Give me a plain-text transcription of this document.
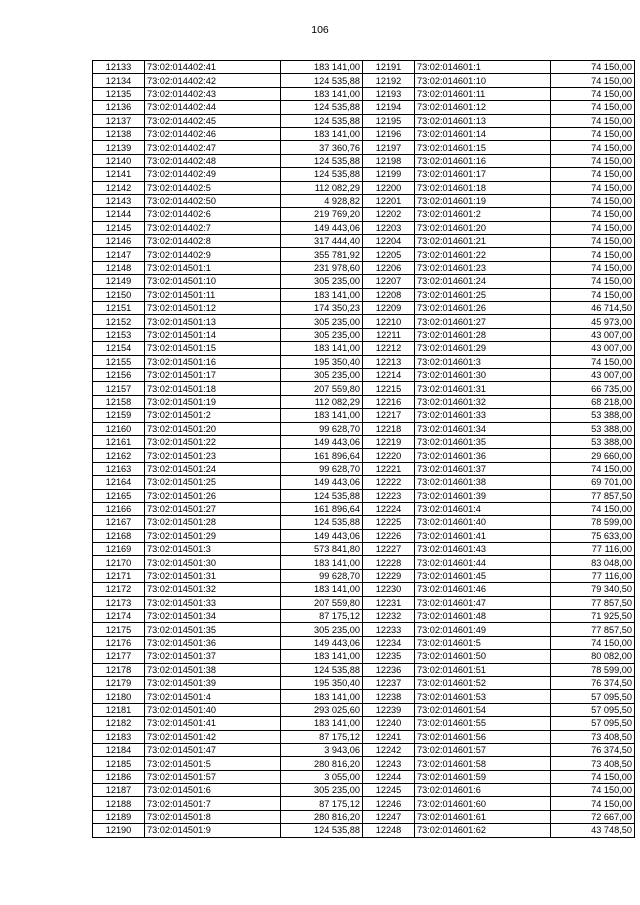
106
12133	73:02:014402:41	183 141,00
12134	73:02:014402:42	124 535,88
12135	73:02:014402:43	183 141,00
12136	73:02:014402:44	124 535,88
12137	73:02:014402:45	124 535,88
12138	73:02:014402:46	183 141,00
12139	73:02:014402:47	37 360,76
12140	73:02:014402:48	124 535,88
12141	73:02:014402:49	124 535,88
12142	73:02:014402:5	112 082,29
12143	73:02:014402:50	4 928,82
12144	73:02:014402:6	219 769,20
12145	73:02:014402:7	149 443,06
12146	73:02:014402:8	317 444,40
12147	73:02:014402:9	355 781,92
12148	73:02:014501:1	231 978,60
12149	73:02:014501:10	305 235,00
12150	73:02:014501:11	183 141,00
12151	73:02:014501:12	174 350,23
12152	73:02:014501:13	305 235,00
12153	73:02:014501:14	305 235,00
12154	73:02:014501:15	183 141,00
12155	73:02:014501:16	195 350,40
12156	73:02:014501:17	305 235,00
12157	73:02:014501:18	207 559,80
12158	73:02:014501:19	112 082,29
12159	73:02:014501:2	183 141,00
12160	73:02:014501:20	99 628,70
12161	73:02:014501:22	149 443,06
12162	73:02:014501:23	161 896,64
12163	73:02:014501:24	99 628,70
12164	73:02:014501:25	149 443,06
12165	73:02:014501:26	124 535,88
12166	73:02:014501:27	161 896,64
12167	73:02:014501:28	124 535,88
12168	73:02:014501:29	149 443,06
12169	73:02:014501:3	573 841,80
12170	73:02:014501:30	183 141,00
12171	73:02:014501:31	99 628,70
12172	73:02:014501:32	183 141,00
12173	73:02:014501:33	207 559,80
12174	73:02:014501:34	87 175,12
12175	73:02:014501:35	305 235,00
12176	73:02:014501:36	149 443,06
12177	73:02:014501:37	183 141,00
12178	73:02:014501:38	124 535,88
12179	73:02:014501:39	195 350,40
12180	73:02:014501:4	183 141,00
12181	73:02:014501:40	293 025,60
12182	73:02:014501:41	183 141,00
12183	73:02:014501:42	87 175,12
12184	73:02:014501:47	3 943,06
12185	73:02:014501:5	280 816,20
12186	73:02:014501:57	3 055,00
12187	73:02:014501:6	305 235,00
12188	73:02:014501:7	87 175,12
12189	73:02:014501:8	280 816,20
12190	73:02:014501:9	124 535,88
12191	73:02:014601:1	74 150,00
12192	73:02:014601:10	74 150,00
12193	73:02:014601:11	74 150,00
12194	73:02:014601:12	74 150,00
12195	73:02:014601:13	74 150,00
12196	73:02:014601:14	74 150,00
12197	73:02:014601:15	74 150,00
12198	73:02:014601:16	74 150,00
12199	73:02:014601:17	74 150,00
12200	73:02:014601:18	74 150,00
12201	73:02:014601:19	74 150,00
12202	73:02:014601:2	74 150,00
12203	73:02:014601:20	74 150,00
12204	73:02:014601:21	74 150,00
12205	73:02:014601:22	74 150,00
12206	73:02:014601:23	74 150,00
12207	73:02:014601:24	74 150,00
12208	73:02:014601:25	74 150,00
12209	73:02:014601:26	46 714,50
12210	73:02:014601:27	45 973,00
12211	73:02:014601:28	43 007,00
12212	73:02:014601:29	43 007,00
12213	73:02:014601:3	74 150,00
12214	73:02:014601:30	43 007,00
12215	73:02:014601:31	66 735,00
12216	73:02:014601:32	68 218,00
12217	73:02:014601:33	53 388,00
12218	73:02:014601:34	53 388,00
12219	73:02:014601:35	53 388,00
12220	73:02:014601:36	29 660,00
12221	73:02:014601:37	74 150,00
12222	73:02:014601:38	69 701,00
12223	73:02:014601:39	77 857,50
12224	73:02:014601:4	74 150,00
12225	73:02:014601:40	78 599,00
12226	73:02:014601:41	75 633,00
12227	73:02:014601:43	77 116,00
12228	73:02:014601:44	83 048,00
12229	73:02:014601:45	77 116,00
12230	73:02:014601:46	79 340,50
12231	73:02:014601:47	77 857,50
12232	73:02:014601:48	71 925,50
12233	73:02:014601:49	77 857,50
12234	73:02:014601:5	74 150,00
12235	73:02:014601:50	80 082,00
12236	73:02:014601:51	78 599,00
12237	73:02:014601:52	76 374,50
12238	73:02:014601:53	57 095,50
12239	73:02:014601:54	57 095,50
12240	73:02:014601:55	57 095,50
12241	73:02:014601:56	73 408,50
12242	73:02:014601:57	76 374,50
12243	73:02:014601:58	73 408,50
12244	73:02:014601:59	74 150,00
12245	73:02:014601:6	74 150,00
12246	73:02:014601:60	74 150,00
12247	73:02:014601:61	72 667,00
12248	73:02:014601:62	43 748,50
